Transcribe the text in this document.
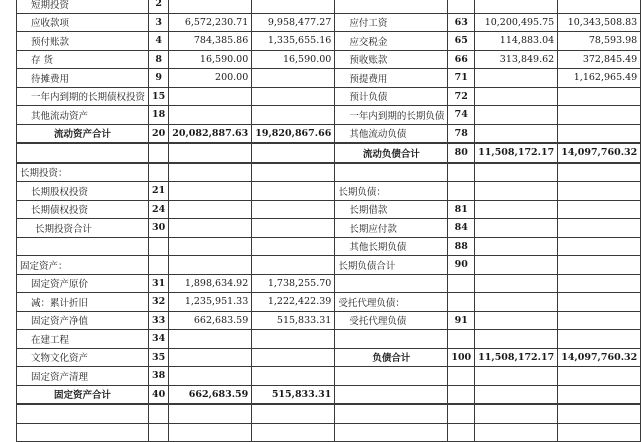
短期投资	2						
应收款项	3	6,572,230.71	9,958,477.27	应付工资	63	10,200,495.75	10,343,508.83
预付账款	4	784,385.86	1,335,655.16	应交税金	65	114,883.04	78,593.98
存 货	8	16,590.00	16,590.00	预收账款	66	313,849.62	372,845.49
待摊费用	9	200.00		预提费用	71		1,162,965.49
一年内到期的长期债权投资	15			预计负债	72		
其他流动资产	18			一年内到期的长期负债	74		
流动资产合计	20	20,082,887.63	19,820,867.66	其他流动负债	78		
				流动负债合计	80	11,508,172.17	14,097,760.32
长期投资：							
长期股权投资	21			长期负债：			
长期债权投资	24			长期借款	81		
长期投资合计	30			长期应付款	84		
				其他长期负债	88		
固定资产：				长期负债合计	90		
固定资产原价	31	1,898,634.92	1,738,255.70				
减：累计折旧	32	1,235,951.33	1,222,422.39	受托代理负债：			
固定资产净值	33	662,683.59	515,833.31	受托代理负债	91		
在建工程	34						
文物文化资产	35			负债合计	100	11,508,172.17	14,097,760.32
固定资产清理	38						
固定资产合计	40	662,683.59	515,833.31				
